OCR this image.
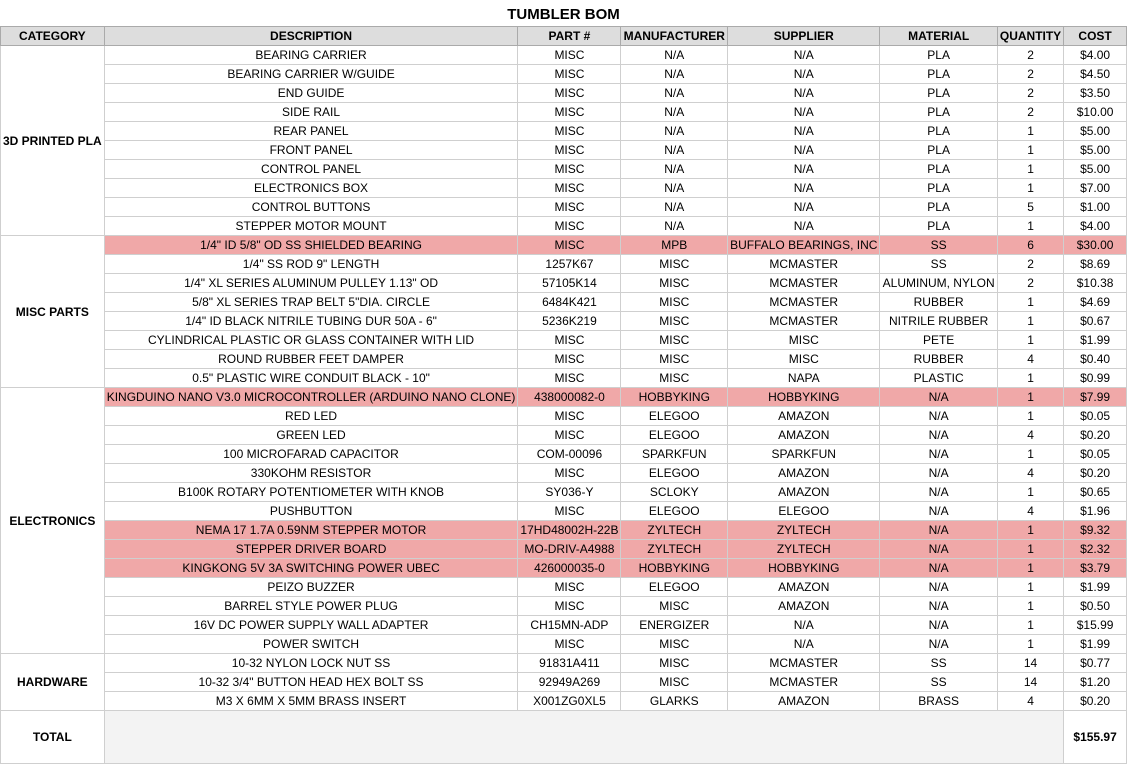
TUMBLER BOM
CATEGORY	DESCRIPTION	PART #	MANUFACTURER	SUPPLIER	MATERIAL	QUANTITY	COST
3D PRINTED PLA	BEARING CARRIER	MISC	N/A	N/A	PLA	2	$4.00
	BEARING CARRIER W/GUIDE	MISC	N/A	N/A	PLA	2	$4.50
	END GUIDE	MISC	N/A	N/A	PLA	2	$3.50
	SIDE RAIL	MISC	N/A	N/A	PLA	2	$10.00
	REAR PANEL	MISC	N/A	N/A	PLA	1	$5.00
	FRONT PANEL	MISC	N/A	N/A	PLA	1	$5.00
	CONTROL PANEL	MISC	N/A	N/A	PLA	1	$5.00
	ELECTRONICS BOX	MISC	N/A	N/A	PLA	1	$7.00
	CONTROL BUTTONS	MISC	N/A	N/A	PLA	5	$1.00
	STEPPER MOTOR MOUNT	MISC	N/A	N/A	PLA	1	$4.00
MISC PARTS	1/4" ID 5/8" OD SS SHIELDED BEARING	MISC	MPB	BUFFALO BEARINGS, INC	SS	6	$30.00
	1/4" SS ROD 9" LENGTH	1257K67	MISC	MCMASTER	SS	2	$8.69
	1/4" XL SERIES ALUMINUM PULLEY 1.13" OD	57105K14	MISC	MCMASTER	ALUMINUM, NYLON	2	$10.38
	5/8" XL SERIES TRAP BELT 5"DIA. CIRCLE	6484K421	MISC	MCMASTER	RUBBER	1	$4.69
	1/4" ID BLACK NITRILE TUBING DUR 50A - 6"	5236K219	MISC	MCMASTER	NITRILE RUBBER	1	$0.67
	CYLINDRICAL PLASTIC OR GLASS CONTAINER WITH LID	MISC	MISC	MISC	PETE	1	$1.99
	ROUND RUBBER FEET DAMPER	MISC	MISC	MISC	RUBBER	4	$0.40
	0.5" PLASTIC WIRE CONDUIT BLACK - 10"	MISC	MISC	NAPA	PLASTIC	1	$0.99
ELECTRONICS	KINGDUINO NANO V3.0 MICROCONTROLLER (ARDUINO NANO CLONE)	438000082-0	HOBBYKING	HOBBYKING	N/A	1	$7.99
	RED LED	MISC	ELEGOO	AMAZON	N/A	1	$0.05
	GREEN LED	MISC	ELEGOO	AMAZON	N/A	4	$0.20
	100 MICROFARAD CAPACITOR	COM-00096	SPARKFUN	SPARKFUN	N/A	1	$0.05
	330KOHM RESISTOR	MISC	ELEGOO	AMAZON	N/A	4	$0.20
	B100K ROTARY POTENTIOMETER WITH KNOB	SY036-Y	SCLOKY	AMAZON	N/A	1	$0.65
	PUSHBUTTON	MISC	ELEGOO	ELEGOO	N/A	4	$1.96
	NEMA 17 1.7A 0.59NM STEPPER MOTOR	17HD48002H-22B	ZYLTECH	ZYLTECH	N/A	1	$9.32
	STEPPER DRIVER BOARD	MO-DRIV-A4988	ZYLTECH	ZYLTECH	N/A	1	$2.32
	KINGKONG 5V 3A SWITCHING POWER UBEC	426000035-0	HOBBYKING	HOBBYKING	N/A	1	$3.79
	PEIZO BUZZER	MISC	ELEGOO	AMAZON	N/A	1	$1.99
	BARREL STYLE POWER PLUG	MISC	MISC	AMAZON	N/A	1	$0.50
	16V DC POWER SUPPLY WALL ADAPTER	CH15MN-ADP	ENERGIZER	N/A	N/A	1	$15.99
	POWER SWITCH	MISC	MISC	N/A	N/A	1	$1.99
HARDWARE	10-32 NYLON LOCK NUT SS	91831A411	MISC	MCMASTER	SS	14	$0.77
	10-32 3/4" BUTTON HEAD HEX BOLT SS	92949A269	MISC	MCMASTER	SS	14	$1.20
	M3 X 6MM X 5MM BRASS INSERT	X001ZG0XL5	GLARKS	AMAZON	BRASS	4	$0.20
TOTAL							$155.97
